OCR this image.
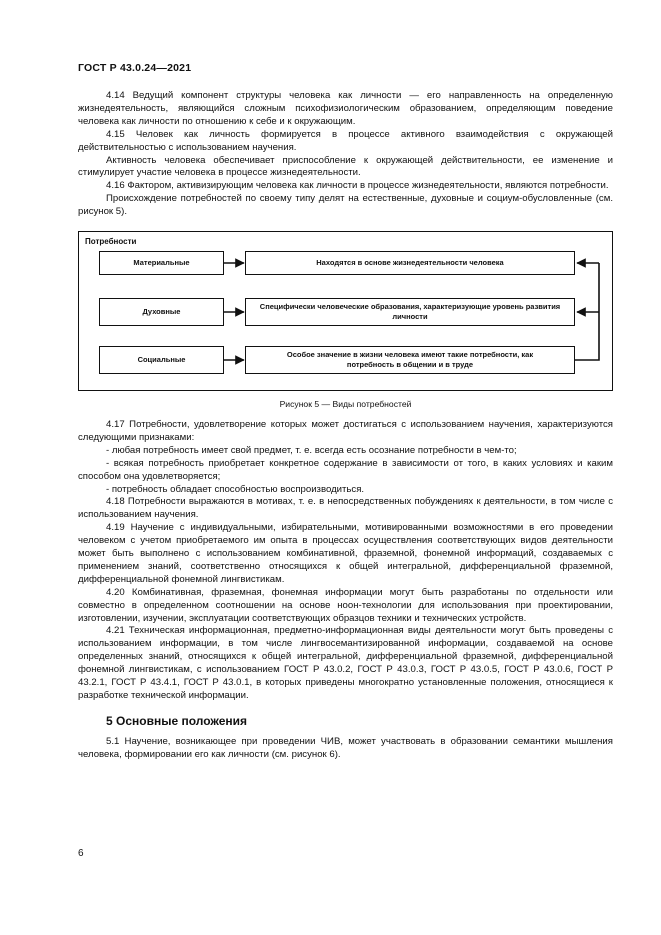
ГОСТ Р 43.0.24—2021

4.14 Ведущий компонент структуры человека как личности — его направленность на определенную жизнедеятельность, являющийся сложным психофизиологическим образованием, определяющим поведение человека как личности по отношению к себе и к окружающим.

4.15 Человек как личность формируется в процессе активного взаимодействия с окружающей действительностью с использованием научения.

Активность человека обеспечивает приспособление к окружающей действительности, ее изменение и стимулирует участие человека в процессе жизнедеятельности.

4.16 Фактором, активизирующим человека как личности в процессе жизнедеятельности, являются потребности.

Происхождение потребностей по своему типу делят на естественные, духовные и социум-обусловленные (см. рисунок 5).

Потребности
Материальные	Находятся в основе жизнедеятельности человека
Духовные
Специфически человеческие образования, характеризующие уровень развития личности
Социальные
Особое значение в жизни человека имеют такие потребности, как потребность в общении и в труде
Рисунок 5 — Виды потребностей

4.17 Потребности, удовлетворение которых может достигаться с использованием научения, характеризуются следующими признаками:

- любая потребность имеет свой предмет, т. е. всегда есть осознание потребности в чем-то;

- всякая потребность приобретает конкретное содержание в зависимости от того, в каких условиях и каким способом она удовлетворяется;

- потребность обладает способностью воспроизводиться.

4.18 Потребности выражаются в мотивах, т. е. в непосредственных побуждениях к деятельности, в том числе с использованием научения.

4.19 Научение с индивидуальными, избирательными, мотивированными возможностями в его проведении человеком с учетом приобретаемого им опыта в процессах осуществления соответствующих видов деятельности может быть выполнено с использованием комбинативной, фраземной, фонемной информаций, создаваемых с применением знаний, соответственно относящихся к общей интегральной, дифференциальной фраземной, дифференциальной фонемной лингвистикам.

4.20 Комбинативная, фраземная, фонемная информации могут быть разработаны по отдельности или совместно в определенном соотношении на основе ноон-технологии для использования при проектировании, изготовлении, изучении, эксплуатации соответствующих образцов техники и технических устройств.

4.21 Техническая информационная, предметно-информационная виды деятельности могут быть проведены с использованием информации, в том числе лингвосемантизированной информации, создаваемой на основе определенных знаний, относящихся к общей интегральной, дифференциальной фраземной, дифференциальной фонемной лингвистикам, с использованием ГОСТ Р 43.0.2, ГОСТ Р 43.0.3, ГОСТ Р 43.0.5, ГОСТ Р 43.0.6, ГОСТ Р 43.2.1, ГОСТ Р 43.4.1, ГОСТ Р 43.0.1, в которых приведены многократно установленные положения, относящиеся к разработке технической информации.

5 Основные положения

5.1 Научение, возникающее при проведении ЧИВ, может участвовать в образовании семантики мышления человека, формировании его как личности (см. рисунок 6).

6
